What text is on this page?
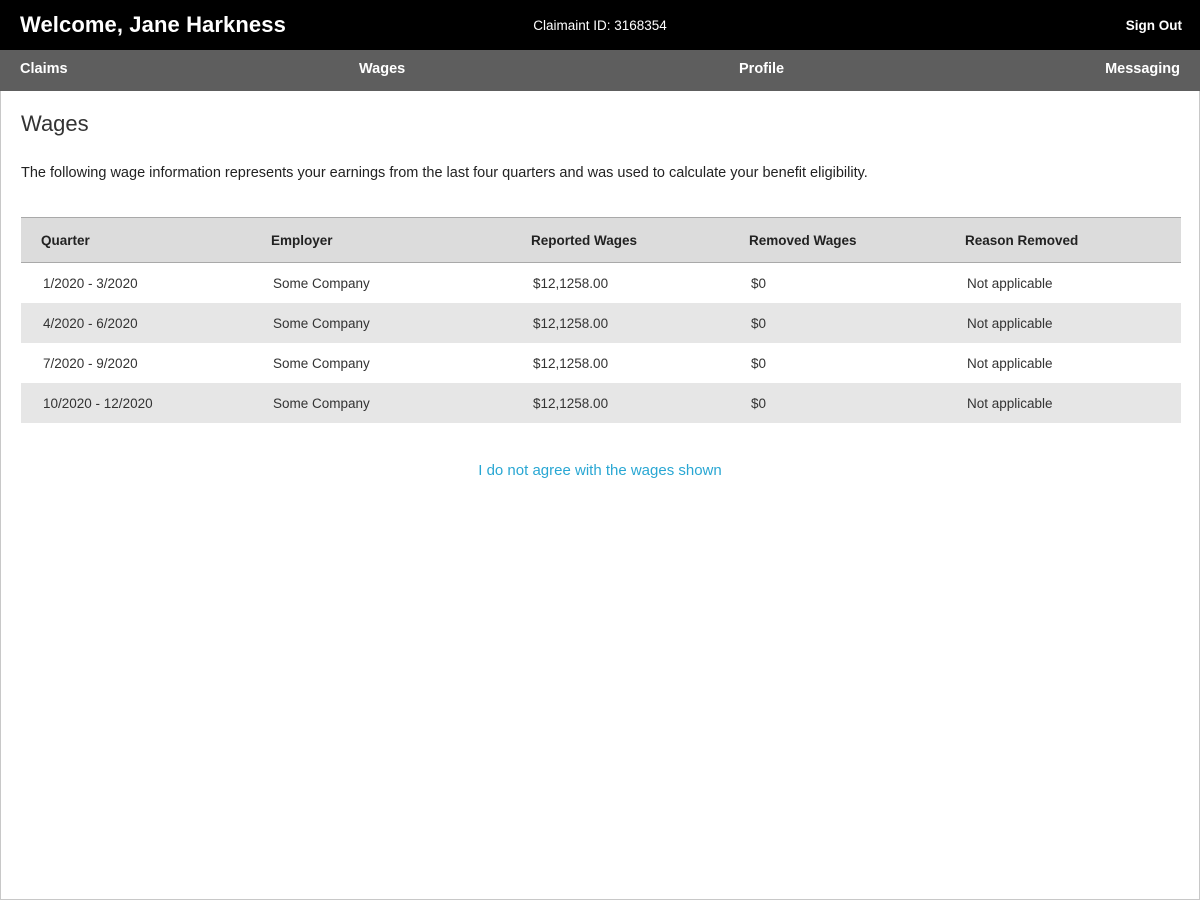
Welcome, Jane Harkness	Claimaint ID: 3168354	Sign Out
Claims	Wages	Profile	Messaging
Wages
The following wage information represents your earnings from the last four quarters and was used to calculate your benefit eligibility.
Quarter	Employer	Reported Wages	Removed Wages	Reason Removed
1/2020 - 3/2020	Some Company	$12,1258.00	$0	Not applicable
4/2020 - 6/2020	Some Company	$12,1258.00	$0	Not applicable
7/2020 - 9/2020	Some Company	$12,1258.00	$0	Not applicable
10/2020 - 12/2020	Some Company	$12,1258.00	$0	Not applicable
I do not agree with the wages shown
